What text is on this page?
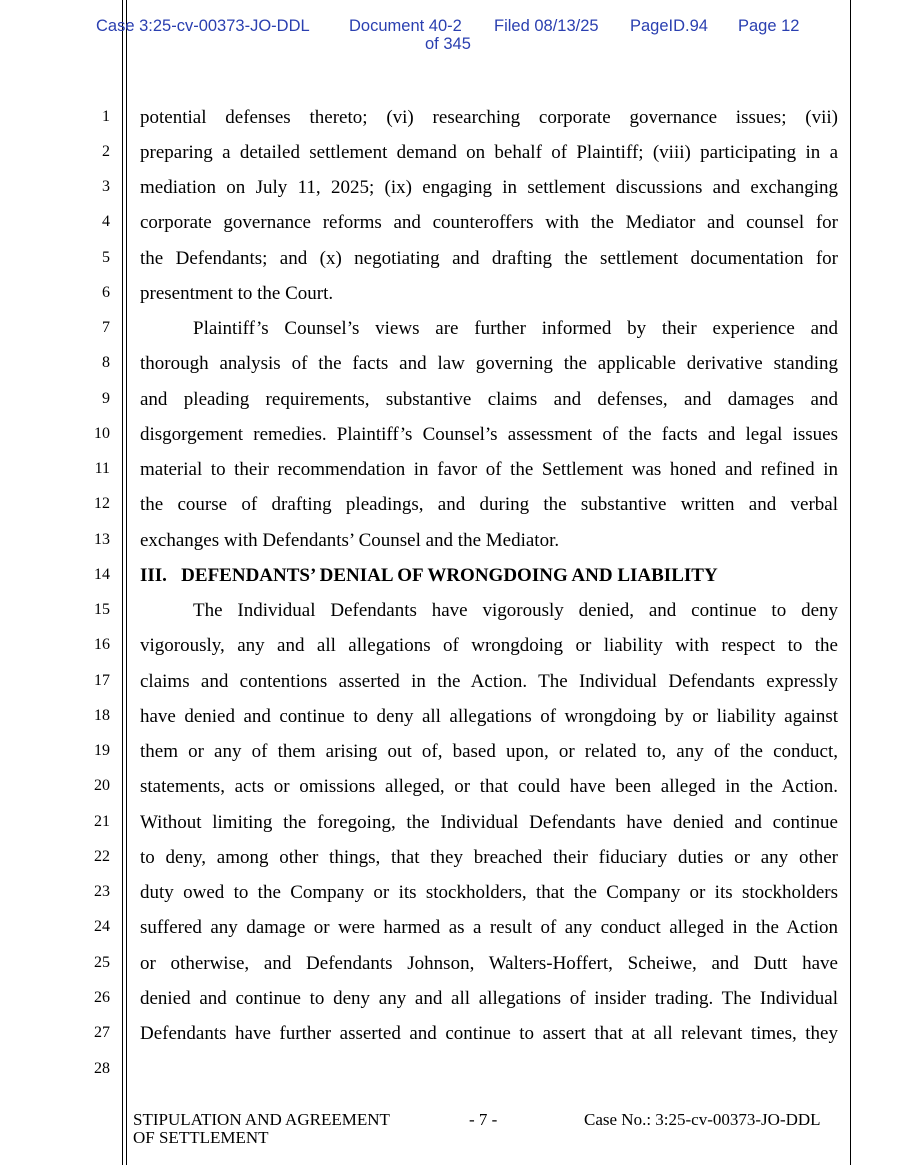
Case 3:25-cv-00373-JO-DDL Document 40-2 Filed 08/13/25 PageID.94 Page 12
of 345
1
2
3
4
5
6
7
8
9
10
11
12
13
14
15
16
17
18
19
20
21
22
23
24
25
26
27
28
potential defenses thereto; (vi) researching corporate governance issues; (vii)
preparing a detailed settlement demand on behalf of Plaintiff; (viii) participating in a
mediation on July 11, 2025; (ix) engaging in settlement discussions and exchanging
corporate governance reforms and counteroffers with the Mediator and counsel for
the Defendants; and (x) negotiating and drafting the settlement documentation for
presentment to the Court.
Plaintiff’s Counsel’s views are further informed by their experience and
thorough analysis of the facts and law governing the applicable derivative standing
and pleading requirements, substantive claims and defenses, and damages and
disgorgement remedies. Plaintiff’s Counsel’s assessment of the facts and legal issues
material to their recommendation in favor of the Settlement was honed and refined in
the course of drafting pleadings, and during the substantive written and verbal
exchanges with Defendants’ Counsel and the Mediator.
III.   DEFENDANTS’ DENIAL OF WRONGDOING AND LIABILITY
The Individual Defendants have vigorously denied, and continue to deny
vigorously, any and all allegations of wrongdoing or liability with respect to the
claims and contentions asserted in the Action. The Individual Defendants expressly
have denied and continue to deny all allegations of wrongdoing by or liability against
them or any of them arising out of, based upon, or related to, any of the conduct,
statements, acts or omissions alleged, or that could have been alleged in the Action.
Without limiting the foregoing, the Individual Defendants have denied and continue
to deny, among other things, that they breached their fiduciary duties or any other
duty owed to the Company or its stockholders, that the Company or its stockholders
suffered any damage or were harmed as a result of any conduct alleged in the Action
or otherwise, and Defendants Johnson, Walters-Hoffert, Scheiwe, and Dutt have
denied and continue to deny any and all allegations of insider trading. The Individual
Defendants have further asserted and continue to assert that at all relevant times, they
STIPULATION AND AGREEMENT
OF SETTLEMENT
- 7 -	Case No.: 3:25-cv-00373-JO-DDL
